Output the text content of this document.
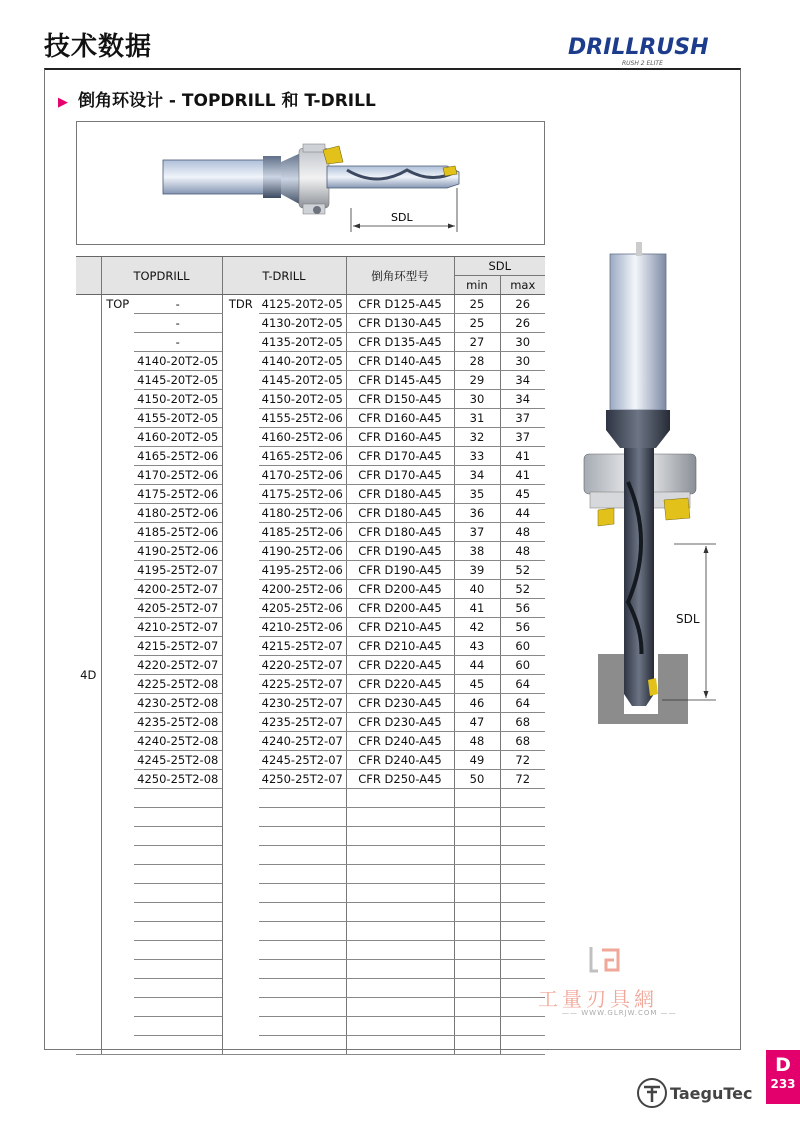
技术数据	DRILLRUSH
RUSH 2 ELITE
▶ 倒角环设计 - TOPDRILL 和 T-DRILL
SDL
	TOPDRILL		T-DRILL		倒角环型号	SDL	
						min	max
4D	TOP	-	TDR	4125-20T2-05	CFR D125-A45	25	26
		-		4130-20T2-05	CFR D130-A45	25	26
		-		4135-20T2-05	CFR D135-A45	27	30
		4140-20T2-05		4140-20T2-05	CFR D140-A45	28	30
		4145-20T2-05		4145-20T2-05	CFR D145-A45	29	34
		4150-20T2-05		4150-20T2-05	CFR D150-A45	30	34
		4155-20T2-05		4155-25T2-06	CFR D160-A45	31	37
		4160-20T2-05		4160-25T2-06	CFR D160-A45	32	37
		4165-25T2-06		4165-25T2-06	CFR D170-A45	33	41
		4170-25T2-06		4170-25T2-06	CFR D170-A45	34	41
		4175-25T2-06		4175-25T2-06	CFR D180-A45	35	45
		4180-25T2-06		4180-25T2-06	CFR D180-A45	36	44
		4185-25T2-06		4185-25T2-06	CFR D180-A45	37	48
		4190-25T2-06		4190-25T2-06	CFR D190-A45	38	48
		4195-25T2-07		4195-25T2-06	CFR D190-A45	39	52
		4200-25T2-07		4200-25T2-06	CFR D200-A45	40	52
		4205-25T2-07		4205-25T2-06	CFR D200-A45	41	56
		4210-25T2-07		4210-25T2-06	CFR D210-A45	42	56
		4215-25T2-07		4215-25T2-07	CFR D210-A45	43	60
		4220-25T2-07		4220-25T2-07	CFR D220-A45	44	60
		4225-25T2-08		4225-25T2-07	CFR D220-A45	45	64
		4230-25T2-08		4230-25T2-07	CFR D230-A45	46	64
		4235-25T2-08		4235-25T2-07	CFR D230-A45	47	68
		4240-25T2-08		4240-25T2-07	CFR D240-A45	48	68
		4245-25T2-08		4245-25T2-07	CFR D240-A45	49	72
		4250-25T2-08		4250-25T2-07	CFR D250-A45	50	72

SDL
工量刃具網
—— WWW.GLRJW.COM ——
TaeguTec
D
233
